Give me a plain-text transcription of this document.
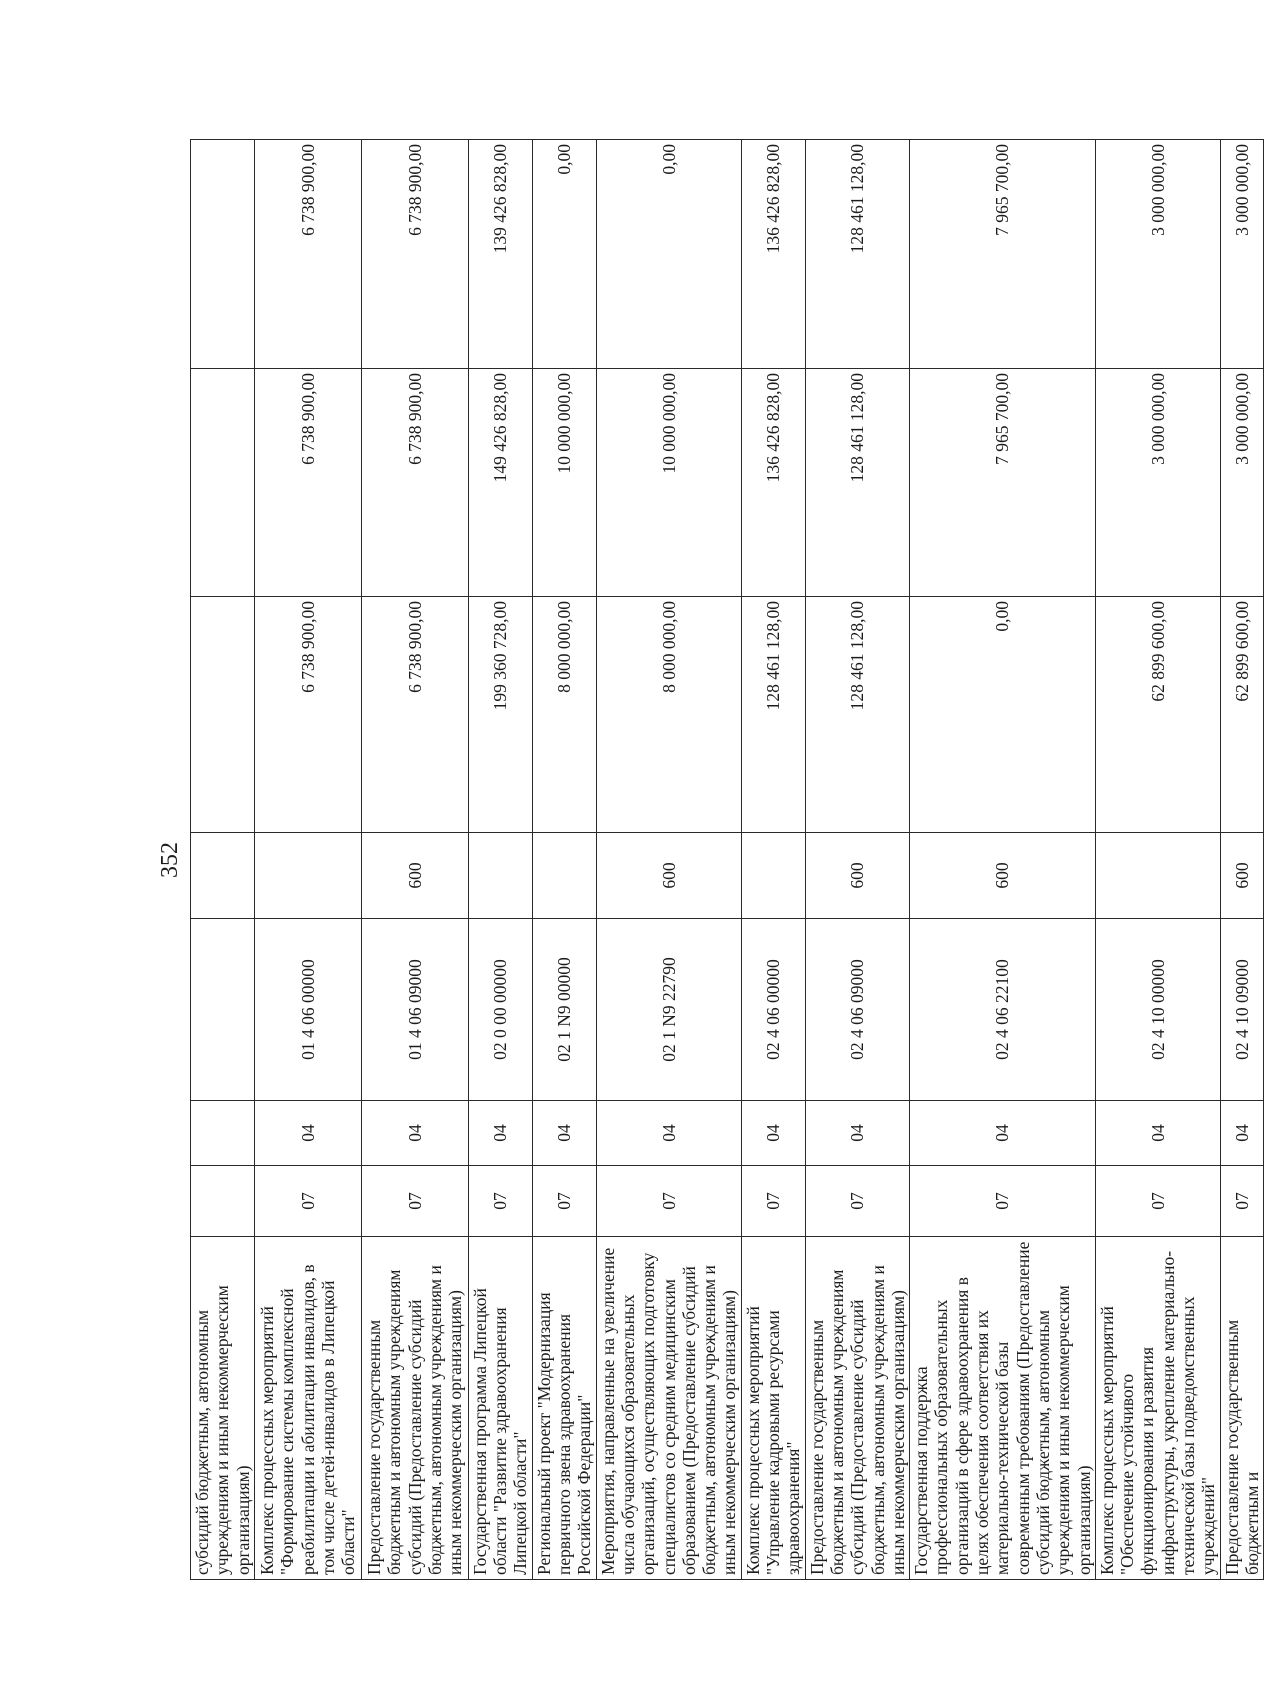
352
субсидий бюджетным, автономным учреждениям и иным некоммерческим организациям)							
Комплекс процессных мероприятий "Формирование системы комплексной реабилитации и абилитации инвалидов, в том числе детей-инвалидов в Липецкой области"	07	04	01 4 06 00000		6 738 900,00	6 738 900,00	6 738 900,00
Предоставление государственным бюджетным и автономным учреждениям субсидий (Предоставление субсидий бюджетным, автономным учреждениям и иным некоммерческим организациям)	07	04	01 4 06 09000	600	6 738 900,00	6 738 900,00	6 738 900,00
Государственная программа Липецкой области "Развитие здравоохранения Липецкой области"	07	04	02 0 00 00000		199 360 728,00	149 426 828,00	139 426 828,00
Региональный проект "Модернизация первичного звена здравоохранения Российской Федерации"	07	04	02 1 N9 00000		8 000 000,00	10 000 000,00	0,00
Мероприятия, направленные на увеличение числа обучающихся образовательных организаций, осуществляющих подготовку специалистов со средним медицинским образованием (Предоставление субсидий бюджетным, автономным учреждениям и иным некоммерческим организациям)	07	04	02 1 N9 22790	600	8 000 000,00	10 000 000,00	0,00
Комплекс процессных мероприятий "Управление кадровыми ресурсами здравоохранения"	07	04	02 4 06 00000		128 461 128,00	136 426 828,00	136 426 828,00
Предоставление государственным бюджетным и автономным учреждениям субсидий (Предоставление субсидий бюджетным, автономным учреждениям и иным некоммерческим организациям)	07	04	02 4 06 09000	600	128 461 128,00	128 461 128,00	128 461 128,00
Государственная поддержка профессиональных образовательных организаций в сфере здравоохранения в целях обеспечения соответствия их материально-технической базы современным требованиям (Предоставление субсидий бюджетным, автономным учреждениям и иным некоммерческим организациям)	07	04	02 4 06 22100	600	0,00	7 965 700,00	7 965 700,00
Комплекс процессных мероприятий "Обеспечение устойчивого функционирования и развития инфраструктуры, укрепление материально-технической базы подведомственных учреждений"	07	04	02 4 10 00000		62 899 600,00	3 000 000,00	3 000 000,00
Предоставление государственным бюджетным и	07	04	02 4 10 09000	600	62 899 600,00	3 000 000,00	3 000 000,00
